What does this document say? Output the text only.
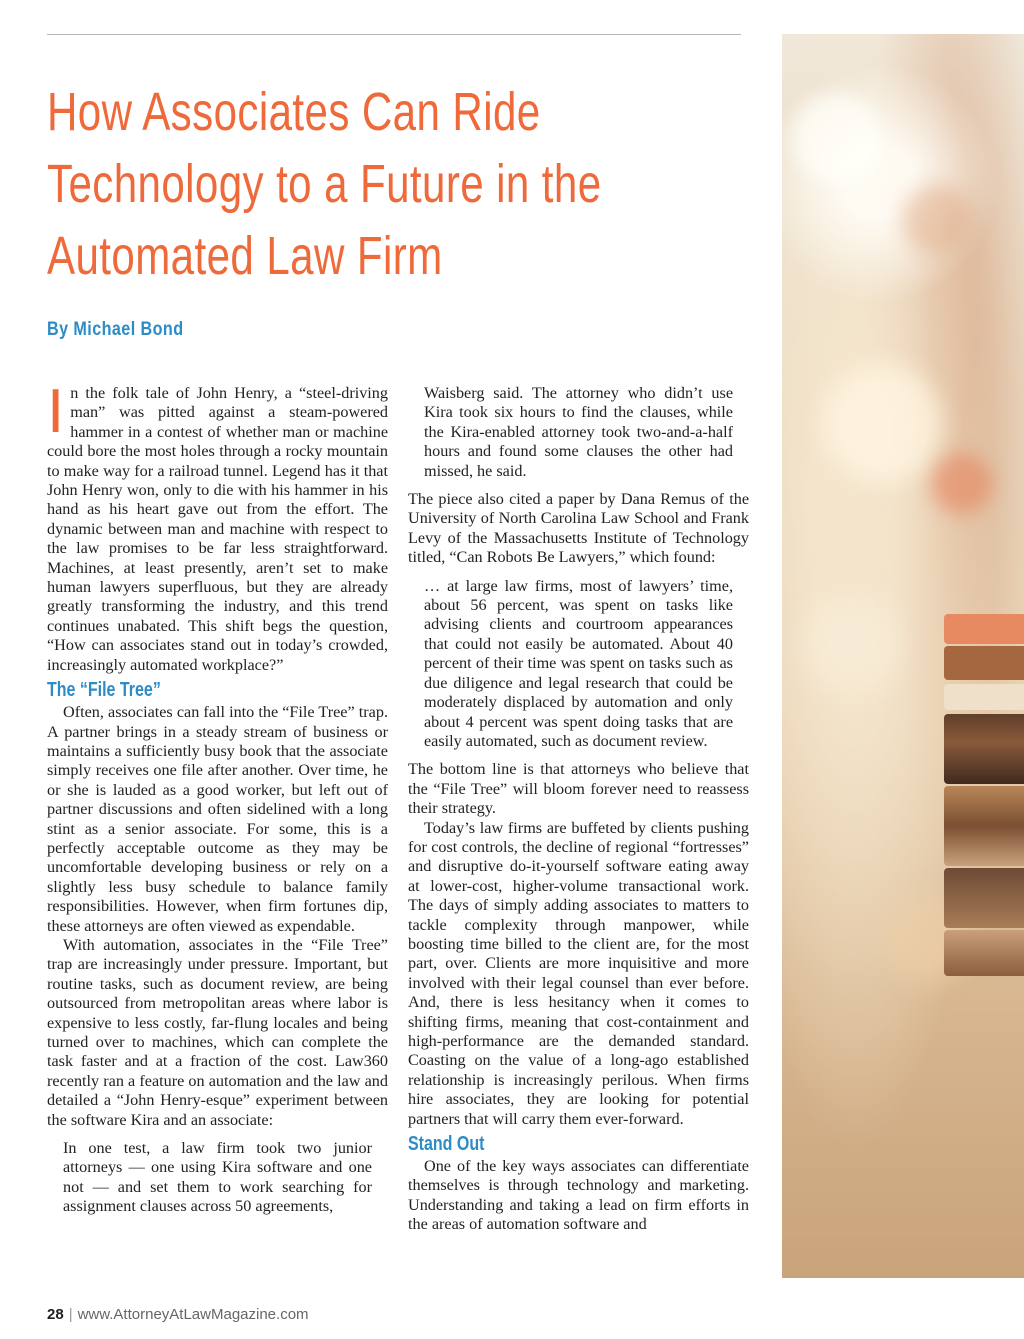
How Associates Can Ride
Technology to a Future in the
Automated Law Firm

By Michael Bond

In the folk tale of John Henry, a “steel-driving man” was pitted against a steam-powered hammer in a contest of whether man or machine could bore the most holes through a rocky mountain to make way for a railroad tunnel. Legend has it that John Henry won, only to die with his hammer in his hand as his heart gave out from the effort. The dynamic between man and machine with respect to the law promises to be far less straightforward. Machines, at least presently, aren’t set to make human lawyers superfluous, but they are already greatly transforming the industry, and this trend continues unabated. This shift begs the question, “How can associates stand out in today’s crowded, increasingly automated workplace?”

The “File Tree”

Often, associates can fall into the “File Tree” trap. A partner brings in a steady stream of business or maintains a sufficiently busy book that the associate simply receives one file after another. Over time, he or she is lauded as a good worker, but left out of partner discussions and often sidelined with a long stint as a senior associate. For some, this is a perfectly acceptable outcome as they may be uncomfortable developing business or rely on a slightly less busy schedule to balance family responsibilities. However, when firm fortunes dip, these attorneys are often viewed as expendable.

With automation, associates in the “File Tree” trap are increasingly under pressure. Important, but routine tasks, such as document review, are being outsourced from metropolitan areas where labor is expensive to less costly, far-flung locales and being turned over to machines, which can complete the task faster and at a fraction of the cost. Law360 recently ran a feature on automation and the law and detailed a “John Henry-esque” experiment between the software Kira and an associate:

In one test, a law firm took two junior attorneys — one using Kira software and one not — and set them to work searching for assignment clauses across 50 agreements,

Waisberg said. The attorney who didn’t use Kira took six hours to find the clauses, while the Kira-enabled attorney took two-and-a-half hours and found some clauses the other had missed, he said.

The piece also cited a paper by Dana Remus of the University of North Carolina Law School and Frank Levy of the Massachusetts Institute of Technology titled, “Can Robots Be Lawyers,” which found:

… at large law firms, most of lawyers’ time, about 56 percent, was spent on tasks like advising clients and courtroom appearances that could not easily be automated. About 40 percent of their time was spent on tasks such as due diligence and legal research that could be moderately displaced by automation and only about 4 percent was spent doing tasks that are easily automated, such as document review.

The bottom line is that attorneys who believe that the “File Tree” will bloom forever need to reassess their strategy.

Today’s law firms are buffeted by clients pushing for cost controls, the decline of regional “fortresses” and disruptive do-it-yourself software eating away at lower-cost, higher-volume transactional work. The days of simply adding associates to matters to tackle complexity through manpower, while boosting time billed to the client are, for the most part, over. Clients are more inquisitive and more involved with their legal counsel than ever before. And, there is less hesitancy when it comes to shifting firms, meaning that cost-containment and high-performance are the demanded standard. Coasting on the value of a long-ago established relationship is increasingly perilous. When firms hire associates, they are looking for potential partners that will carry them ever-forward.

Stand Out

One of the key ways associates can differentiate themselves is through technology and marketing. Understanding and taking a lead on firm efforts in the areas of automation software and

28 | www.AttorneyAtLawMagazine.com
